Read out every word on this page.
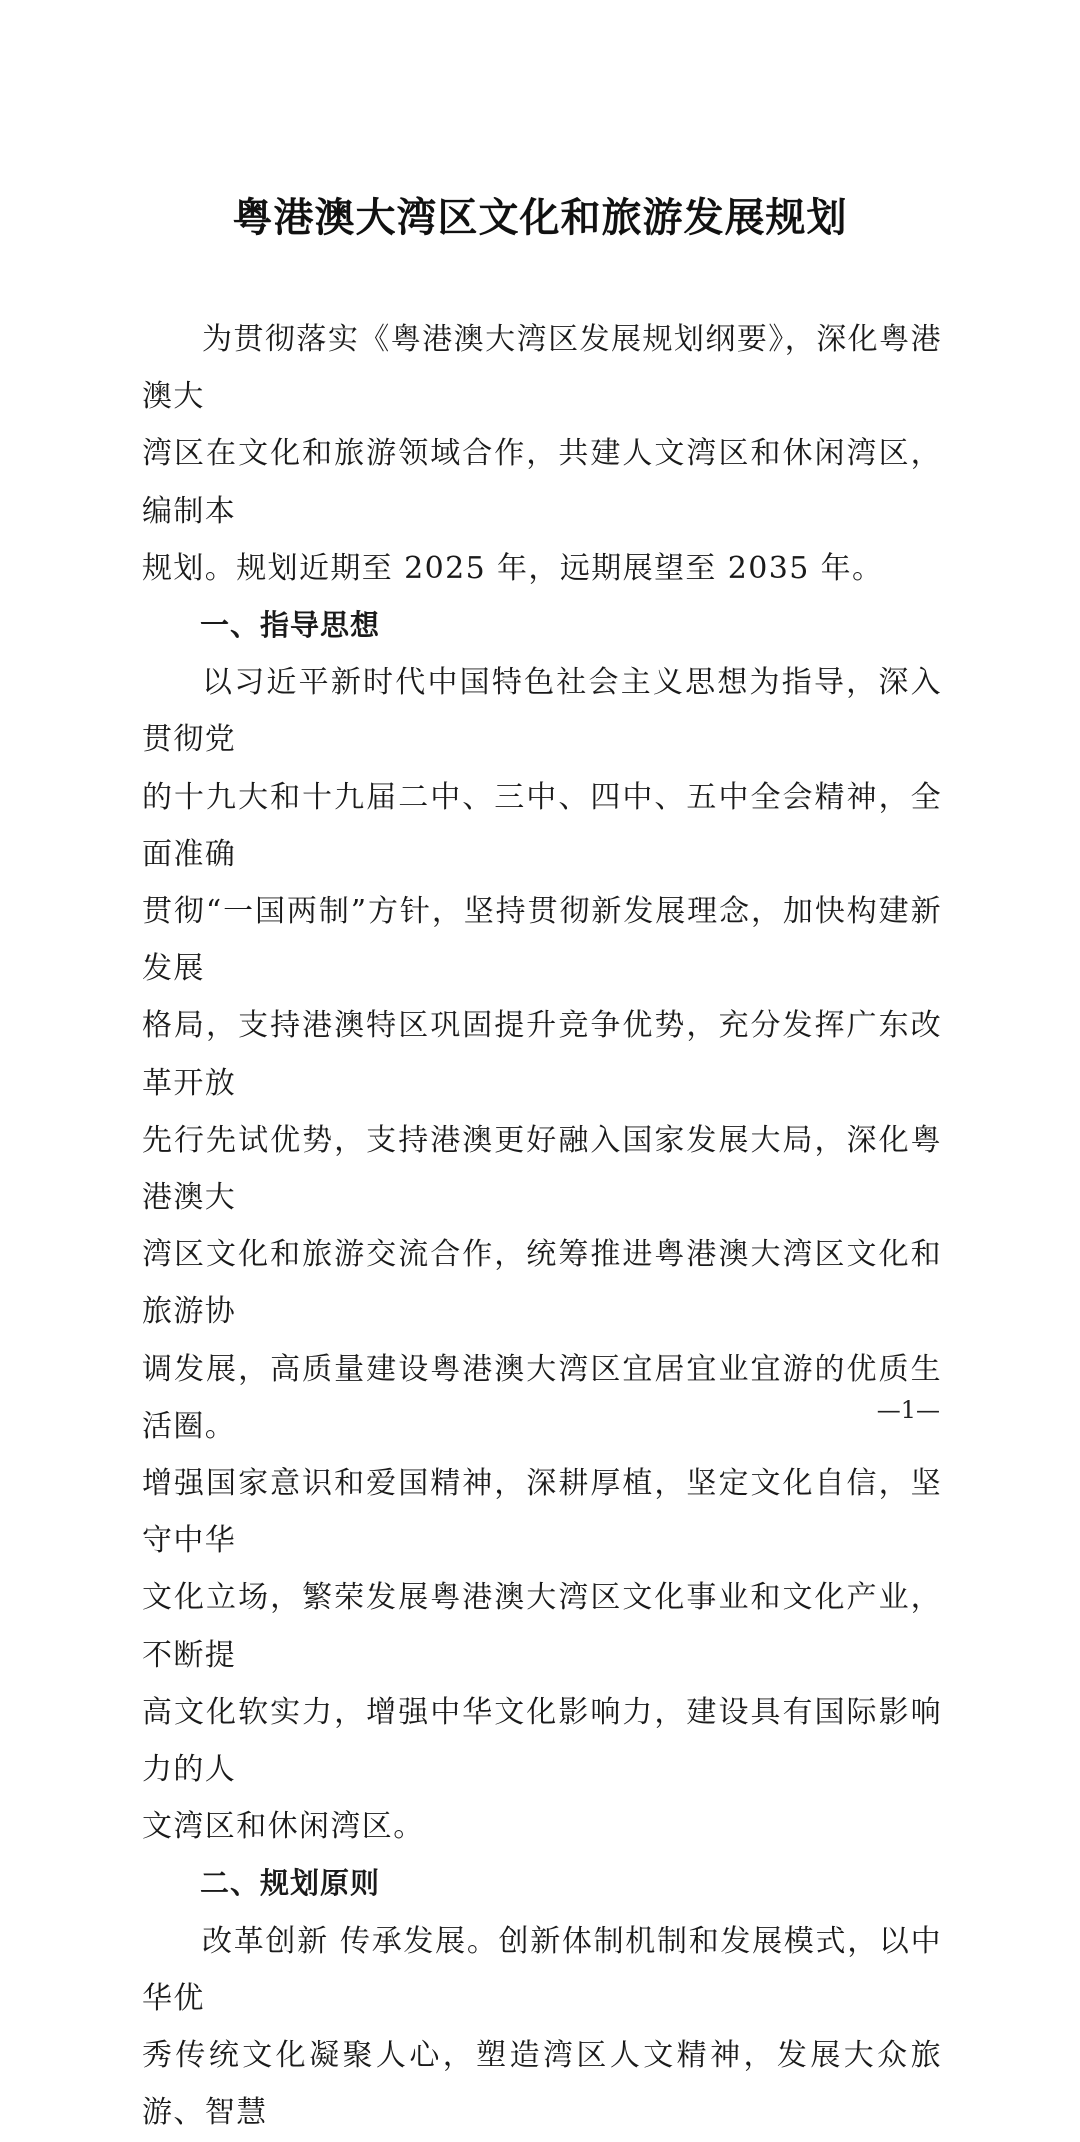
粤港澳大湾区文化和旅游发展规划

为贯彻落实《粤港澳大湾区发展规划纲要》，深化粤港澳大
湾区在文化和旅游领域合作，共建人文湾区和休闲湾区，编制本
规划。规划近期至 2025 年，远期展望至 2035 年。

一、指导思想

以习近平新时代中国特色社会主义思想为指导，深入贯彻党
的十九大和十九届二中、三中、四中、五中全会精神，全面准确
贯彻“一国两制”方针，坚持贯彻新发展理念，加快构建新发展
格局，支持港澳特区巩固提升竞争优势，充分发挥广东改革开放
先行先试优势，支持港澳更好融入国家发展大局，深化粤港澳大
湾区文化和旅游交流合作，统筹推进粤港澳大湾区文化和旅游协
调发展，高质量建设粤港澳大湾区宜居宜业宜游的优质生活圈。
增强国家意识和爱国精神，深耕厚植，坚定文化自信，坚守中华
文化立场，繁荣发展粤港澳大湾区文化事业和文化产业，不断提
高文化软实力，增强中华文化影响力，建设具有国际影响力的人
文湾区和休闲湾区。

二、规划原则

改革创新 传承发展。创新体制机制和发展模式，以中华优
秀传统文化凝聚人心，塑造湾区人文精神，发展大众旅游、智慧

—1—
